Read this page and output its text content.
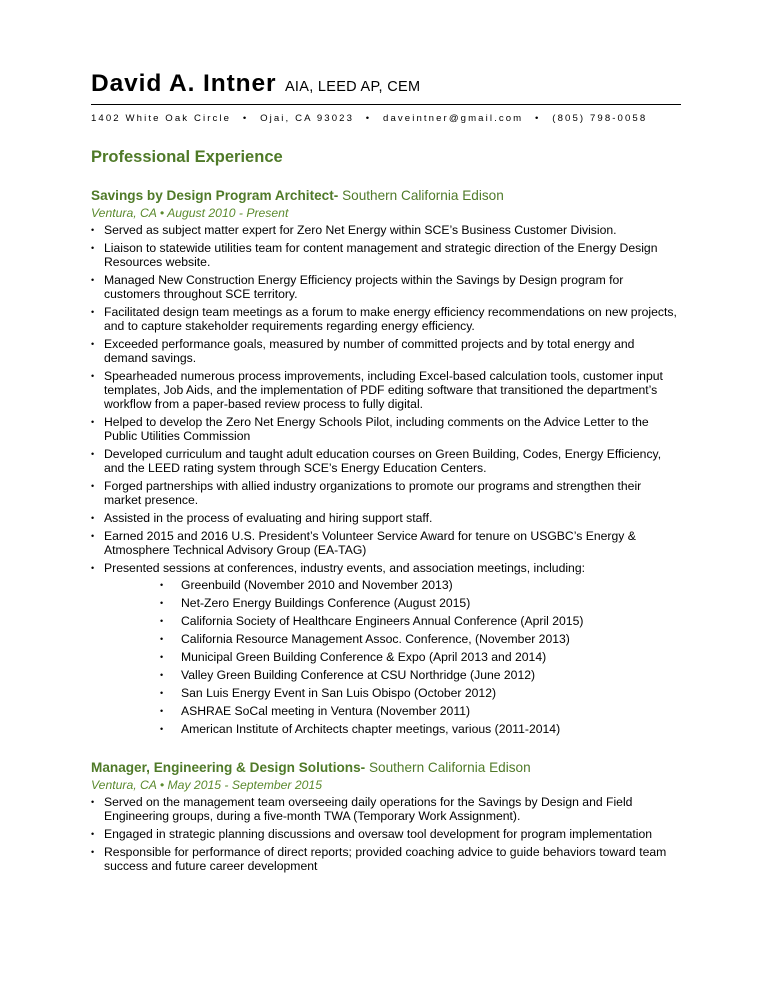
David A. Intner AIA, LEED AP, CEM
1402 White Oak Circle • Ojai, CA 93023 • daveintner@gmail.com • (805) 798-0058
Professional Experience
Savings by Design Program Architect- Southern California Edison
Ventura, CA • August 2010 - Present
• Served as subject matter expert for Zero Net Energy within SCE’s Business Customer Division.
• Liaison to statewide utilities team for content management and strategic direction of the Energy Design Resources website.
• Managed New Construction Energy Efficiency projects within the Savings by Design program for customers throughout SCE territory.
• Facilitated design team meetings as a forum to make energy efficiency recommendations on new projects, and to capture stakeholder requirements regarding energy efficiency.
• Exceeded performance goals, measured by number of committed projects and by total energy and demand savings.
• Spearheaded numerous process improvements, including Excel-based calculation tools, customer input templates, Job Aids, and the implementation of PDF editing software that transitioned the department’s workflow from a paper-based review process to fully digital.
• Helped to develop the Zero Net Energy Schools Pilot, including comments on the Advice Letter to the Public Utilities Commission
• Developed curriculum and taught adult education courses on Green Building, Codes, Energy Efficiency, and the LEED rating system through SCE’s Energy Education Centers.
• Forged partnerships with allied industry organizations to promote our programs and strengthen their market presence.
• Assisted in the process of evaluating and hiring support staff.
• Earned 2015 and 2016 U.S. President’s Volunteer Service Award for tenure on USGBC’s Energy & Atmosphere Technical Advisory Group (EA-TAG)
• Presented sessions at conferences, industry events, and association meetings, including:
• Greenbuild (November 2010 and November 2013)
• Net-Zero Energy Buildings Conference (August 2015)
• California Society of Healthcare Engineers Annual Conference (April 2015)
• California Resource Management Assoc. Conference, (November 2013)
• Municipal Green Building Conference & Expo (April 2013 and 2014)
• Valley Green Building Conference at CSU Northridge (June 2012)
• San Luis Energy Event in San Luis Obispo (October 2012)
• ASHRAE SoCal meeting in Ventura (November 2011)
• American Institute of Architects chapter meetings, various (2011-2014)
Manager, Engineering & Design Solutions- Southern California Edison
Ventura, CA • May 2015 - September 2015
• Served on the management team overseeing daily operations for the Savings by Design and Field Engineering groups, during a five-month TWA (Temporary Work Assignment).
• Engaged in strategic planning discussions and oversaw tool development for program implementation
• Responsible for performance of direct reports; provided coaching advice to guide behaviors toward team success and future career development
